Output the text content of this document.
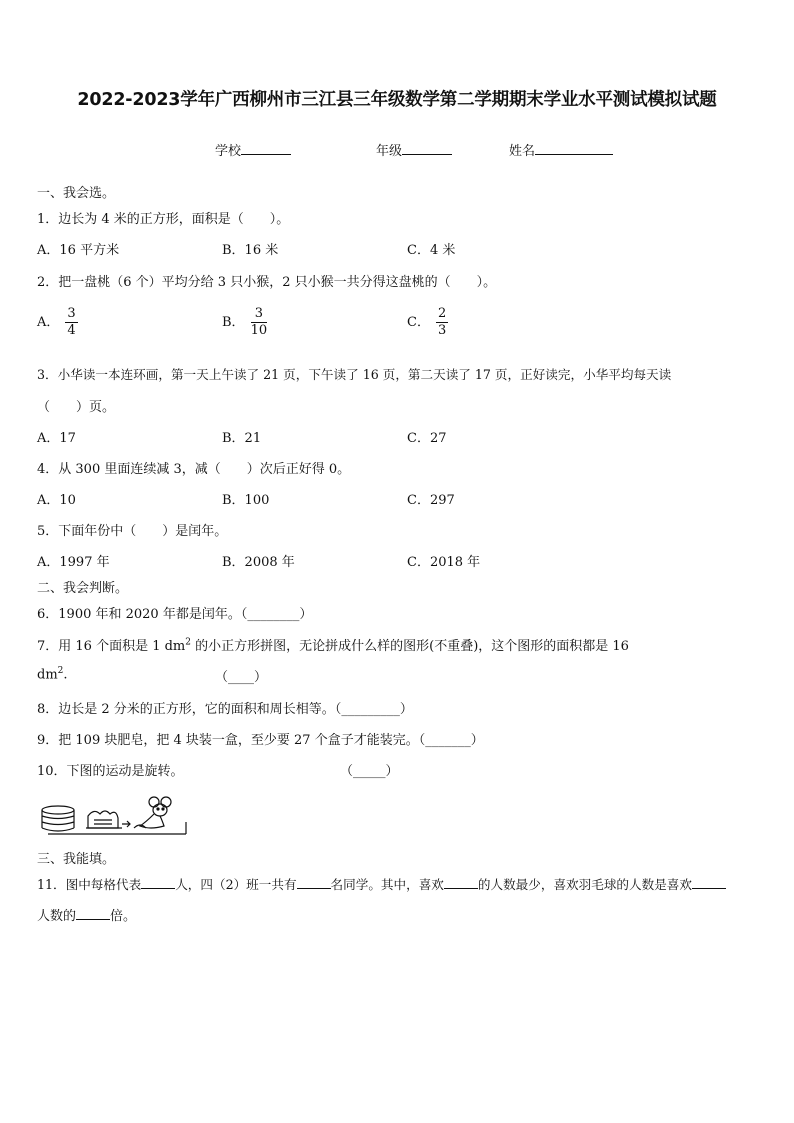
2022-2023学年广西柳州市三江县三年级数学第二学期期末学业水平测试模拟试题
学校	年级	姓名
一、我会选。
1．边长为 4 米的正方形，面积是（　　）。
A．16 平方米	B．16 米	C．4 米
2．把一盘桃（6 个）平均分给 3 只小猴，2 只小猴一共分得这盘桃的（　　）。
A． $\frac{3}{4}$	B． $\frac{3}{10}$	C． $\frac{2}{3}$
3．小华读一本连环画，第一天上午读了 21 页，下午读了 16 页，第二天读了 17 页，正好读完，小华平均每天读
（　　）页。
A．17	B．21	C．27
4．从 300 里面连续减 3，减（　　）次后正好得 0。
A．10	B．100	C．297
5．下面年份中（　　）是闰年。
A．1997 年	B．2008 年	C．2018 年
二、我会判断。
6．1900 年和 2020 年都是闰年。（________）
7．用 16 个面积是 1 $dm^2$ 的小正方形拼图，无论拼成什么样的图形(不重叠)，这个图形的面积都是 16
$dm^2$.	（____）
8．边长是 2 分米的正方形，它的面积和周长相等。（_________）
9．把 109 块肥皂，把 4 块装一盒，至少要 27 个盒子才能装完。（_______）
10．下图的运动是旋转。	（_____）
三、我能填。
11．图中每格代表	人，四（2）班一共有	名同学。其中，喜欢	的人数最少，喜欢羽毛球的人数是喜欢
人数的	倍。
